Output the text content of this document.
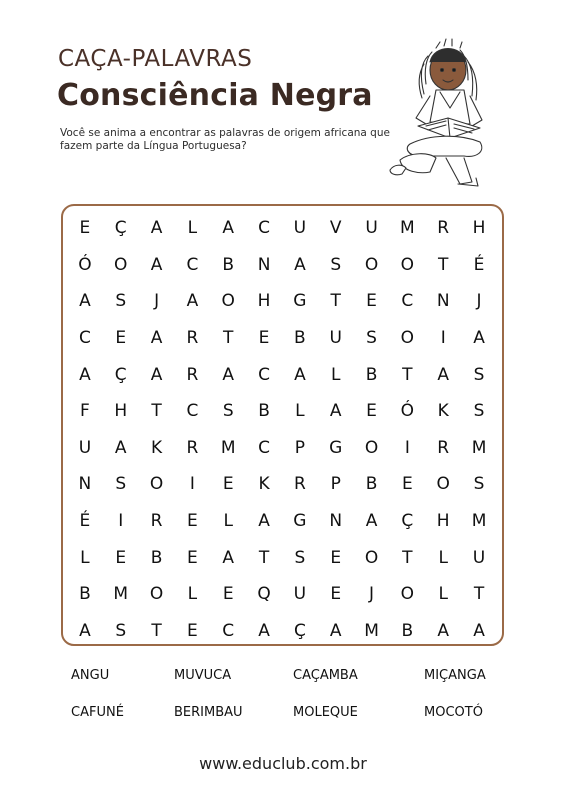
CAÇA-PALAVRAS
Consciência Negra
Você se anima a encontrar as palavras de origem africana que fazem parte da Língua Portuguesa?
E	Ç	A	L	A	C	U	V	U	M	R	H
Ó	O	A	C	B	N	A	S	O	O	T	É
A	S	J	A	O	H	G	T	E	C	N	J
C	E	A	R	T	E	B	U	S	O	I	A
A	Ç	A	R	A	C	A	L	B	T	A	S
F	H	T	C	S	B	L	A	E	Ó	K	S
U	A	K	R	M	C	P	G	O	I	R	M
N	S	O	I	E	K	R	P	B	E	O	S
É	I	R	E	L	A	G	N	A	Ç	H	M
L	E	B	E	A	T	S	E	O	T	L	U
B	M	O	L	E	Q	U	E	J	O	L	T
A	S	T	E	C	A	Ç	A	M	B	A	A
ANGU	MUVUCA	CAÇAMBA	MIÇANGA
CAFUNÉ	BERIMBAU	MOLEQUE	MOCOTÓ
www.educlub.com.br
